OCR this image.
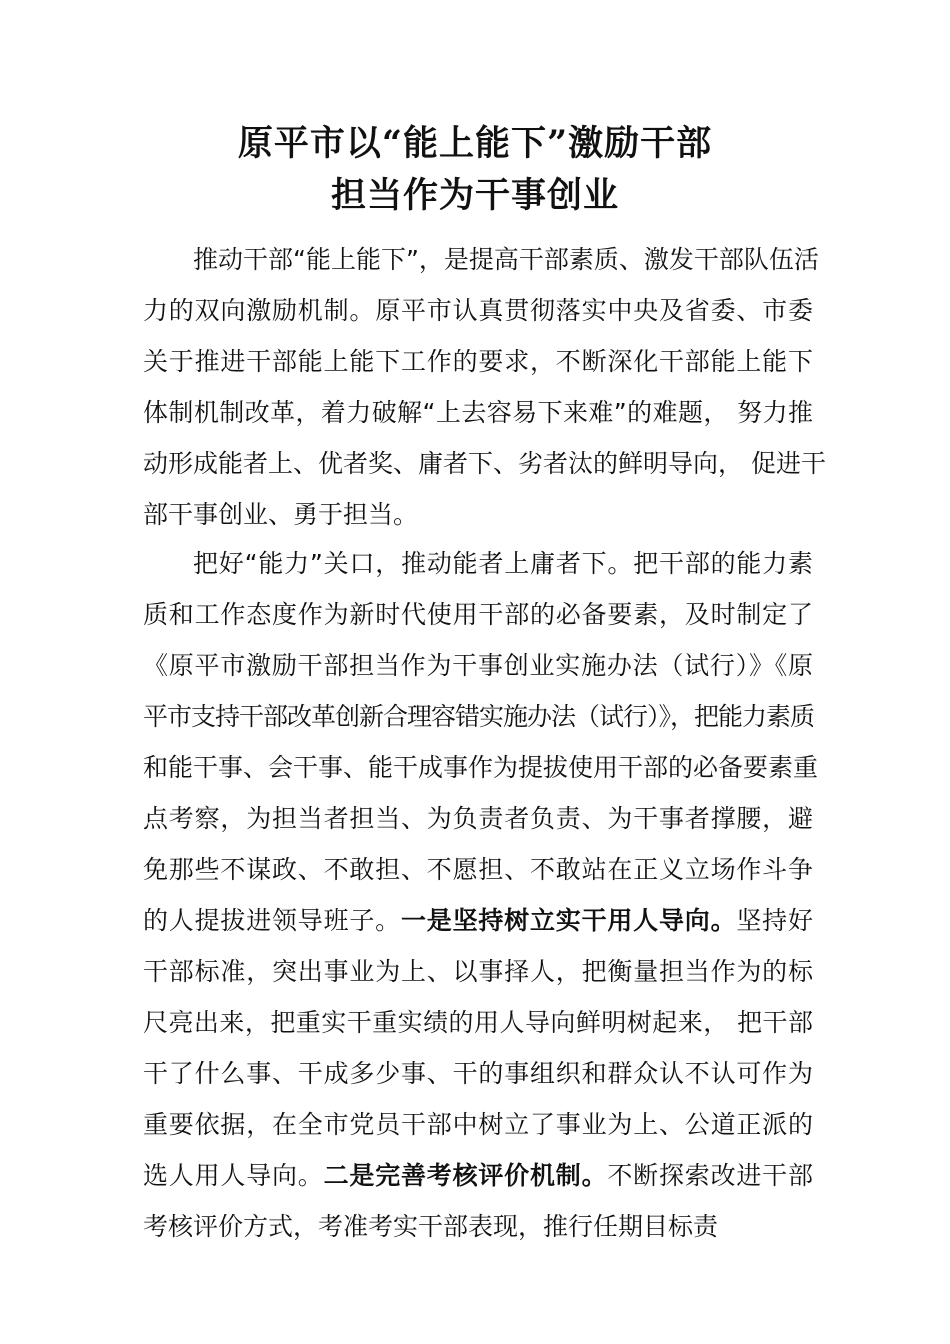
原平市以“能上能下”激励干部
担当作为干事创业
推动干部“能上能下”，是提高干部素质、激发干部队伍活
力的双向激励机制。原平市认真贯彻落实中央及省委、市委
关于推进干部能上能下工作的要求，不断深化干部能上能下
体制机制改革，着力破解“上去容易下来难”的难题， 努力推
动形成能者上、优者奖、庸者下、劣者汰的鲜明导向， 促进干
部干事创业、勇于担当。
把好“能力”关口，推动能者上庸者下。把干部的能力素
质和工作态度作为新时代使用干部的必备要素，及时制定了
《原平市激励干部担当作为干事创业实施办法（试行）》《原
平市支持干部改革创新合理容错实施办法（试行）》，把能力素质
和能干事、会干事、能干成事作为提拔使用干部的必备要素重
点考察，为担当者担当、为负责者负责、为干事者撑腰，避
免那些不谋政、不敢担、不愿担、不敢站在正义立场作斗争
的人提拔进领导班子。一是坚持树立实干用人导向。坚持好
干部标准，突出事业为上、以事择人，把衡量担当作为的标
尺亮出来，把重实干重实绩的用人导向鲜明树起来， 把干部
干了什么事、干成多少事、干的事组织和群众认不认可作为
重要依据，在全市党员干部中树立了事业为上、公道正派的
选人用人导向。二是完善考核评价机制。不断探索改进干部
考核评价方式，考准考实干部表现，推行任期目标责
